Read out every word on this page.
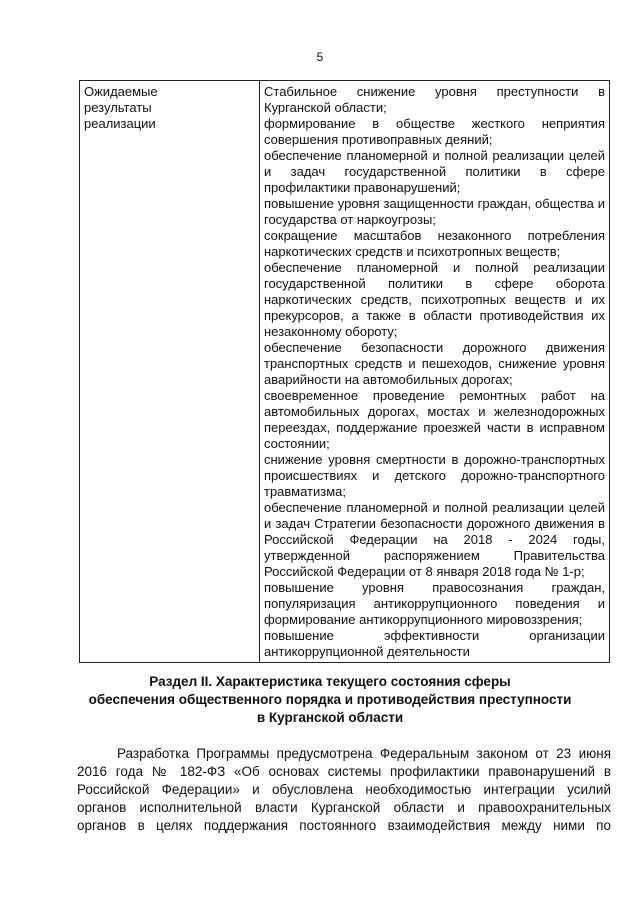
5
Ожидаемые
результаты
реализации
Стабильное снижение уровня преступности в Курганской области;
формирование в обществе жесткого неприятия совершения противоправных деяний;
обеспечение планомерной и полной реализации целей и задач государственной политики в сфере профилактики правонарушений;
повышение уровня защищенности граждан, общества и государства от наркоугрозы;
сокращение масштабов незаконного потребления наркотических средств и психотропных веществ;
обеспечение планомерной и полной реализации государственной политики в сфере оборота наркотических средств, психотропных веществ и их прекурсоров, а также в области противодействия их незаконному обороту;
обеспечение безопасности дорожного движения транспортных средств и пешеходов, снижение уровня аварийности на автомобильных дорогах;
своевременное проведение ремонтных работ на автомобильных дорогах, мостах и железнодорожных переездах, поддержание проезжей части в исправном состоянии;
снижение уровня смертности в дорожно-транспортных происшествиях и детского дорожно-транспортного травматизма;
обеспечение планомерной и полной реализации целей и задач Стратегии безопасности дорожного движения в Российской Федерации на 2018 - 2024 годы, утвержденной распоряжением Правительства Российской Федерации от 8 января 2018 года № 1-р;
повышение уровня правосознания граждан, популяризация антикоррупционного поведения и формирование антикоррупционного мировоззрения;
повышение эффективности организации антикоррупционной деятельности
Раздел II. Характеристика текущего состояния сферы
обеспечения общественного порядка и противодействия преступности
в Курганской области
Разработка Программы предусмотрена Федеральным законом от 23 июня
2016 года № 182-ФЗ «Об основах системы профилактики правонарушений в
Российской Федерации» и обусловлена необходимостью интеграции усилий
органов исполнительной власти Курганской области и правоохранительных
органов в целях поддержания постоянного взаимодействия между ними по
